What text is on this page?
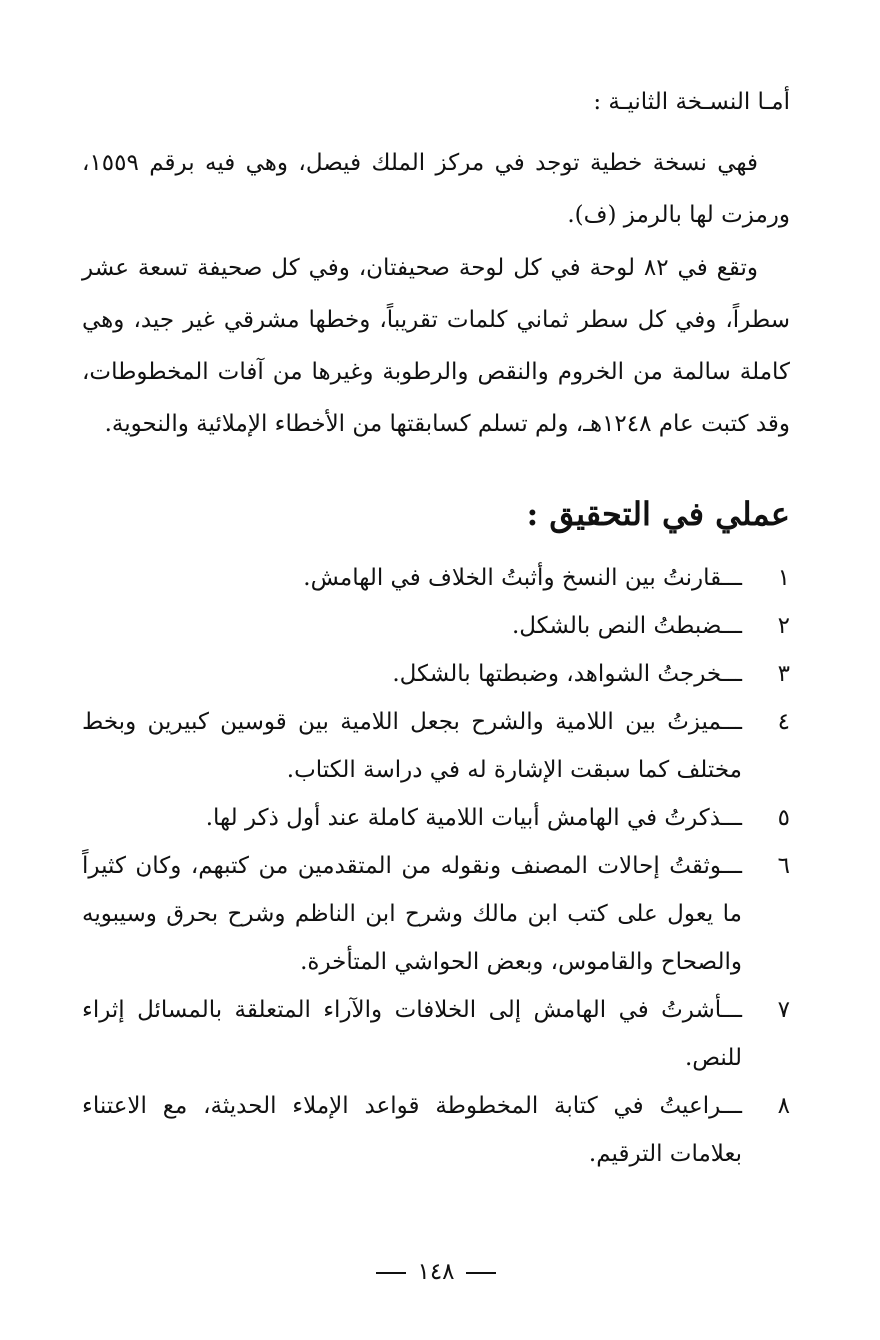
أمـا النسـخة الثانيـة :

فهي نسخة خطية توجد في مركز الملك فيصل، وهي فيه برقم ١٥٥٩، ورمزت لها بالرمز (ف).

وتقع في ٨٢ لوحة في كل لوحة صحيفتان، وفي كل صحيفة تسعة عشر سطراً، وفي كل سطر ثماني كلمات تقريباً، وخطها مشرقي غير جيد، وهي كاملة سالمة من الخروم والنقص والرطوبة وغيرها من آفات المخطوطات، وقد كتبت عام ١٢٤٨هـ، ولم تسلم كسابقتها من الأخطاء الإملائية والنحوية.

عملي في التحقيق :
١
ـــ قارنتُ بين النسخ وأثبتُ الخلاف في الهامش.
٢
ـــ ضبطتُ النص بالشكل.
٣
ـــ خرجتُ الشواهد، وضبطتها بالشكل.
٤
ـــ ميزتُ بين اللامية والشرح بجعل اللامية بين قوسين كبيرين وبخط مختلف كما سبقت الإشارة له في دراسة الكتاب.
٥
ـــ ذكرتُ في الهامش أبيات اللامية كاملة عند أول ذكر لها.
٦
ـــ وثقتُ إحالات المصنف ونقوله من المتقدمين من كتبهم، وكان كثيراً ما يعول على كتب ابن مالك وشرح ابن الناظم وشرح بحرق وسيبويه والصحاح والقاموس، وبعض الحواشي المتأخرة.
٧
ـــ أشرتُ في الهامش إلى الخلافات والآراء المتعلقة بالمسائل إثراء للنص.
٨
ـــ راعيتُ في كتابة المخطوطة قواعد الإملاء الحديثة، مع الاعتناء بعلامات الترقيم.
١٤٨
